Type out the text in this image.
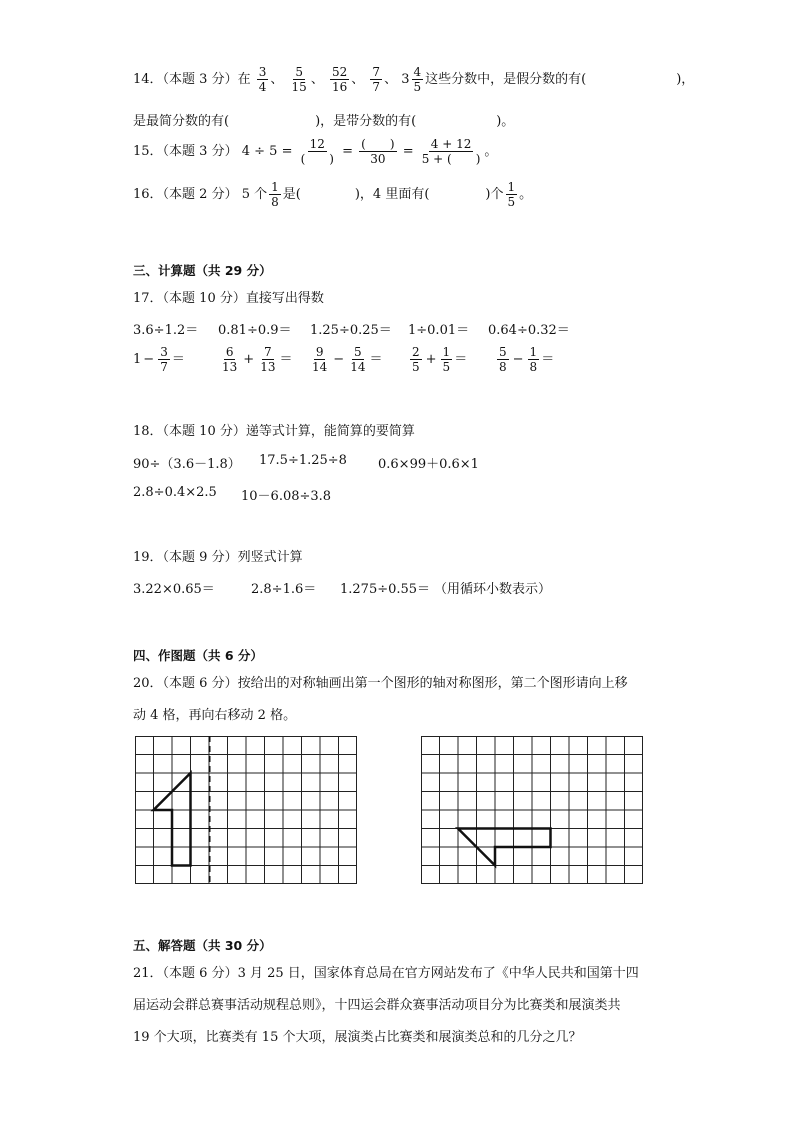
14．（本题 3 分）在 $\frac{3}{4}$ 、 $\frac{5}{15}$ 、 $\frac{52}{16}$ 、 $\frac{7}{7}$ 、 $3 \frac{4}{5}$ 这些分数中，是假分数的有(	)，
是最简分数的有(	)，是带分数的有(	)。
15．（本题 3 分） $4 \div 5 = \frac{12}{( )} = \frac{( )}{30} = \frac{4 + 12}{5 + ( )}$ 。
16．（本题 2 分） 5 个 $\frac{1}{8}$ 是(	)，4 里面有(	)个 $\frac{1}{5}$ 。
三、计算题（共 29 分）
17．（本题 10 分）直接写出得数
3.6÷1.2＝ 0.81÷0.9＝ 1.25÷0.25＝ 1÷0.01＝ 0.64÷0.32＝
$1 - \frac{3}{7}$ ＝	$\frac{6}{13} + \frac{7}{13} = \frac{9}{14} - \frac{5}{14} = \frac{2}{5} + \frac{1}{5} = \frac{5}{8} - \frac{1}{8}$ ＝
18．（本题 10 分）递等式计算，能简算的要简算
90÷（3.6－1.8） 17.5÷1.25÷8 0.6×99＋0.6×1
2.8÷0.4×2.5 10－6.08÷3.8
19．（本题 9 分）列竖式计算
3.22×0.65＝	2.8÷1.6＝ 1.275÷0.55＝ （用循环小数表示）
四、作图题（共 6 分）
20．（本题 6 分）按给出的对称轴画出第一个图形的轴对称图形，第二个图形请向上移
动 4 格，再向右移动 2 格。
五、解答题（共 30 分）
21．（本题 6 分）3 月 25 日，国家体育总局在官方网站发布了《中华人民共和国第十四
届运动会群总赛事活动规程总则》，十四运会群众赛事活动项目分为比赛类和展演类共
19 个大项，比赛类有 15 个大项，展演类占比赛类和展演类总和的几分之几？
